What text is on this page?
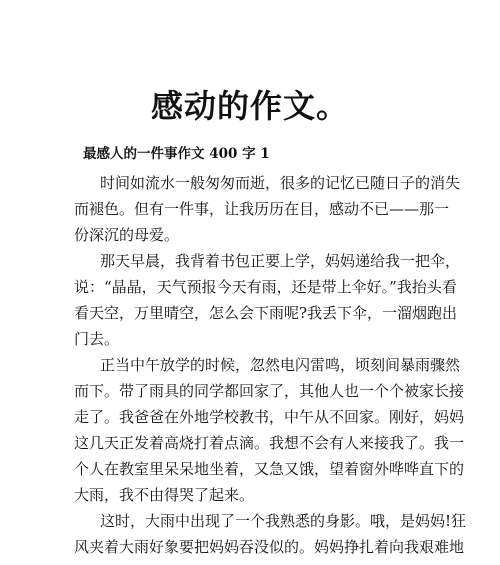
感动的作文。
最感人的一件事作文 400 字 1

时间如流水一般匆匆而逝，很多的记忆已随日子的消失
而褪色。但有一件事，让我历历在目，感动不已——那一
份深沉的母爱。

那天早晨，我背着书包正要上学，妈妈递给我一把伞，
说：“晶晶，天气预报今天有雨，还是带上伞好。”我抬头看
看天空，万里晴空，怎么会下雨呢?我丢下伞，一溜烟跑出
门去。

正当中午放学的时候，忽然电闪雷鸣，顷刻间暴雨骤然
而下。带了雨具的同学都回家了，其他人也一个个被家长接
走了。我爸爸在外地学校教书，中午从不回家。刚好，妈妈
这几天正发着高烧打着点滴。我想不会有人来接我了。我一
个人在教室里呆呆地坐着，又急又饿，望着窗外哗哗直下的
大雨，我不由得哭了起来。

这时，大雨中出现了一个我熟悉的身影。哦，是妈妈!狂
风夹着大雨好象要把妈妈吞没似的。妈妈挣扎着向我艰难地
